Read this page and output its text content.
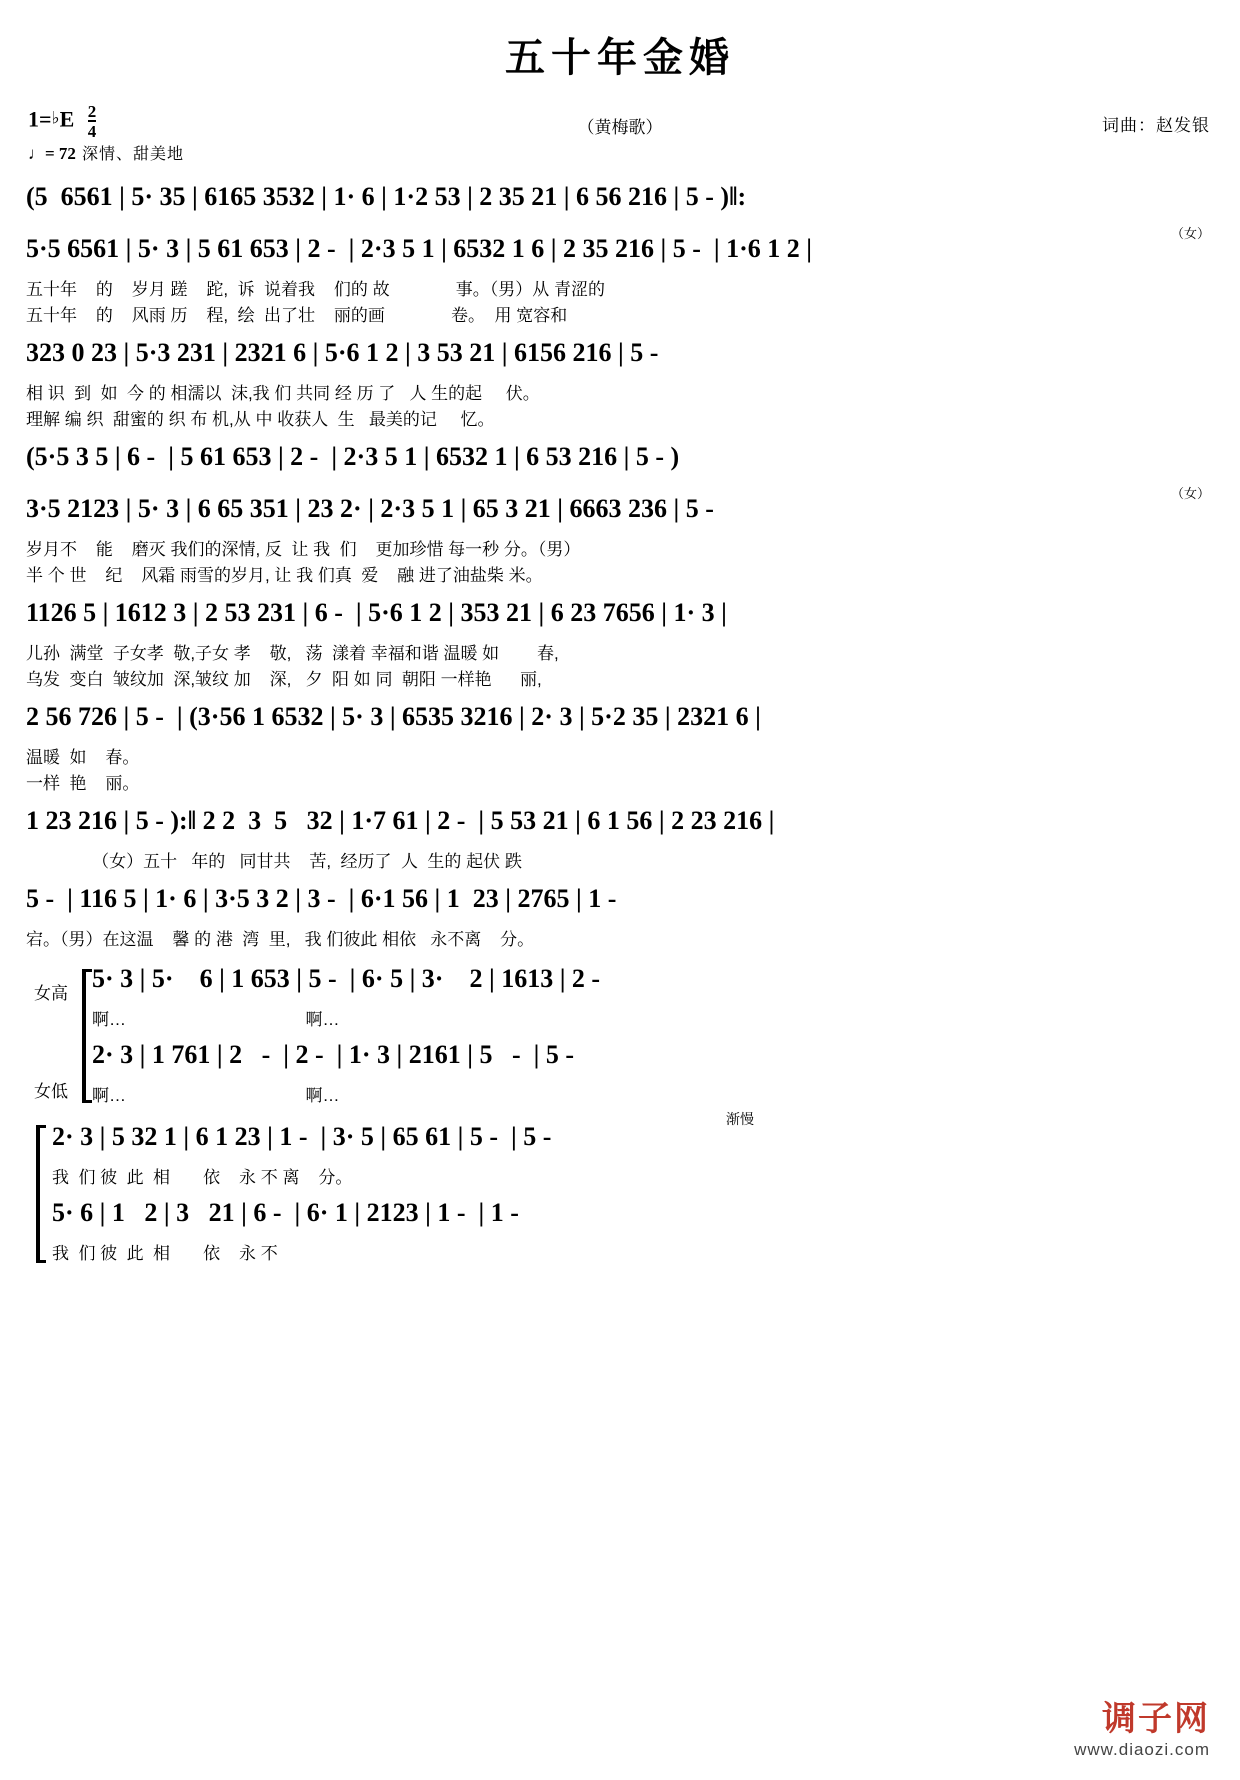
五十年金婚
1=♭E $\frac{2}{4}$
♩= 72 深情、甜美地
（黄梅歌）	词曲：赵发银
(5  6561 | 5· 35 | 6165 3532 | 1· 6 | 1·2 53 | 2 35 21 | 6 56 216 | 5 - )‖:
（女）
5·5 6561 | 5· 3 | 5 61 653 | 2 -  | 2·3 5 1 | 6532 1 6 | 2 35 216 | 5 -  | 1·6 1 2 |
五十年    的    岁月 蹉    跎,  诉  说着我    们的 故              事。（男）从 青涩的
五十年    的    风雨 历    程,  绘  出了壮    丽的画              卷。  用 宽容和
323 0 23 | 5·3 231 | 2321 6 | 5·6 1 2 | 3 53 21 | 6156 216 | 5 -
相 识  到  如  今 的 相濡以  沫,我 们 共同 经 历 了   人 生的起     伏。
理解 编 织  甜蜜的 织 布 机,从 中 收获人  生   最美的记     忆。
(5·5 3 5 | 6 -  | 5 61 653 | 2 -  | 2·3 5 1 | 6532 1 | 6 53 216 | 5 - )
（女）
3·5 2123 | 5· 3 | 6 65 351 | 23 2· | 2·3 5 1 | 65 3 21 | 6663 236 | 5 -
岁月不    能    磨灭 我们的深情, 反  让 我  们    更加珍惜 每一秒 分。（男）
半 个 世    纪    风霜 雨雪的岁月, 让 我 们真  爱    融 进了油盐柴 米。
1126 5 | 1612 3 | 2 53 231 | 6 -  | 5·6 1 2 | 353 21 | 6 23 7656 | 1· 3 |
儿孙  满堂  子女孝  敬,子女 孝    敬,   荡  漾着 幸福和谐 温暖 如        春,
乌发  变白  皱纹加  深,皱纹 加    深,   夕  阳 如 同  朝阳 一样艳      丽,
2 56 726 | 5 -  | (3·56 1 6532 | 5· 3 | 6535 3216 | 2· 3 | 5·2 35 | 2321 6 |
温暖  如    春。
一样  艳    丽。
1 23 216 | 5 - ):‖ 2 2  3  5   32 | 1·7 61 | 2 -  | 5 53 21 | 6 1 56 | 2 23 216 |
（女）五十   年的   同甘共    苦,  经历了  人  生的 起伏 跌
5 -  | 116 5 | 1· 6 | 3·5 3 2 | 3 -  | 6·1 56 | 1  23 | 2765 | 1 -
宕。（男）在这温    馨 的 港  湾  里,   我 们彼此 相依   永不离    分。
女高
5· 3 | 5·    6 | 1 653 | 5 -  | 6· 5 | 3·    2 | 1613 | 2 -
啊…                                      啊…
女低
2· 3 | 1 761 | 2   -  | 2 -  | 1· 3 | 2161 | 5   -  | 5 -
啊…                                      啊…
渐慢
2· 3 | 5 32 1 | 6 1 23 | 1 -  | 3· 5 | 65 61 | 5 -  | 5 -
我  们 彼  此  相       依    永 不 离    分。
5· 6 | 1   2 | 3   21 | 6 -  | 6· 1 | 2123 | 1 -  | 1 -
我  们 彼  此  相       依    永 不
调子网
www.diaozi.com
